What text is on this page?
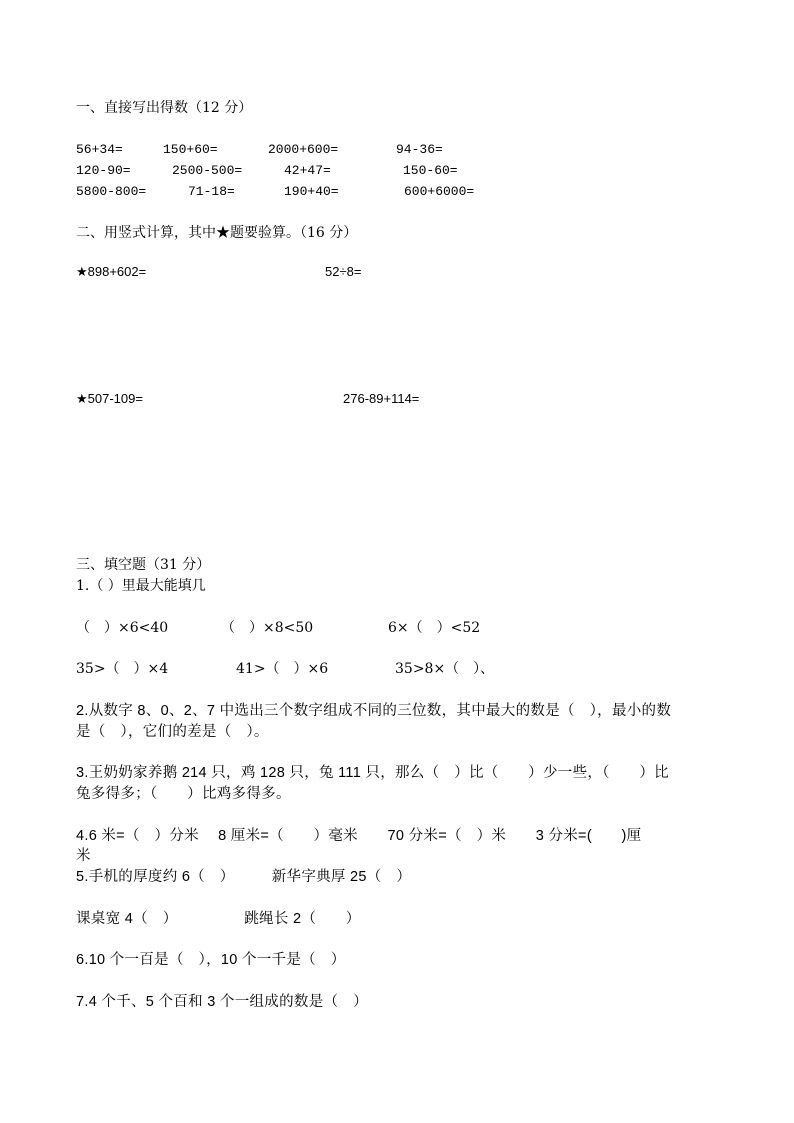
一、直接写出得数（12 分）
56+34=	150+60=	2000+600=	94-36=
120-90=	2500-500=	42+47=	150-60=
5800-800=	71-18=	190+40=	600+6000=
二、用竖式计算，其中★题要验算。（16 分）
★898+602=	52÷8=
★507-109=	276-89+114=
三、填空题（31 分）
1.（ ）里最大能填几
（　）×6<40	（　）×8<50	6×（　）<52
35>（　）×4	41>（　）×6	35>8×（　）、
2.从数字 8、0、2、7 中选出三个数字组成不同的三位数，其中最大的数是（　），最小的数
是（　），它们的差是（　）。
3.王奶奶家养鹅 214 只，鸡 128 只，兔 111 只，那么（　）比（　　）少一些，（　　）比
兔多得多；（　　）比鸡多得多。
4.6 米=（　）分米　 8 厘米=（　　）毫米　　70 分米=（　）米　　3 分米=(　　)厘
米
5.手机的厚度约 6（　）　　　新华字典厚 25（　）
课桌宽 4（　）　　　　　跳绳长 2（　　）
6.10 个一百是（　），10 个一千是（　）
7.4 个千、5 个百和 3 个一组成的数是（　）
